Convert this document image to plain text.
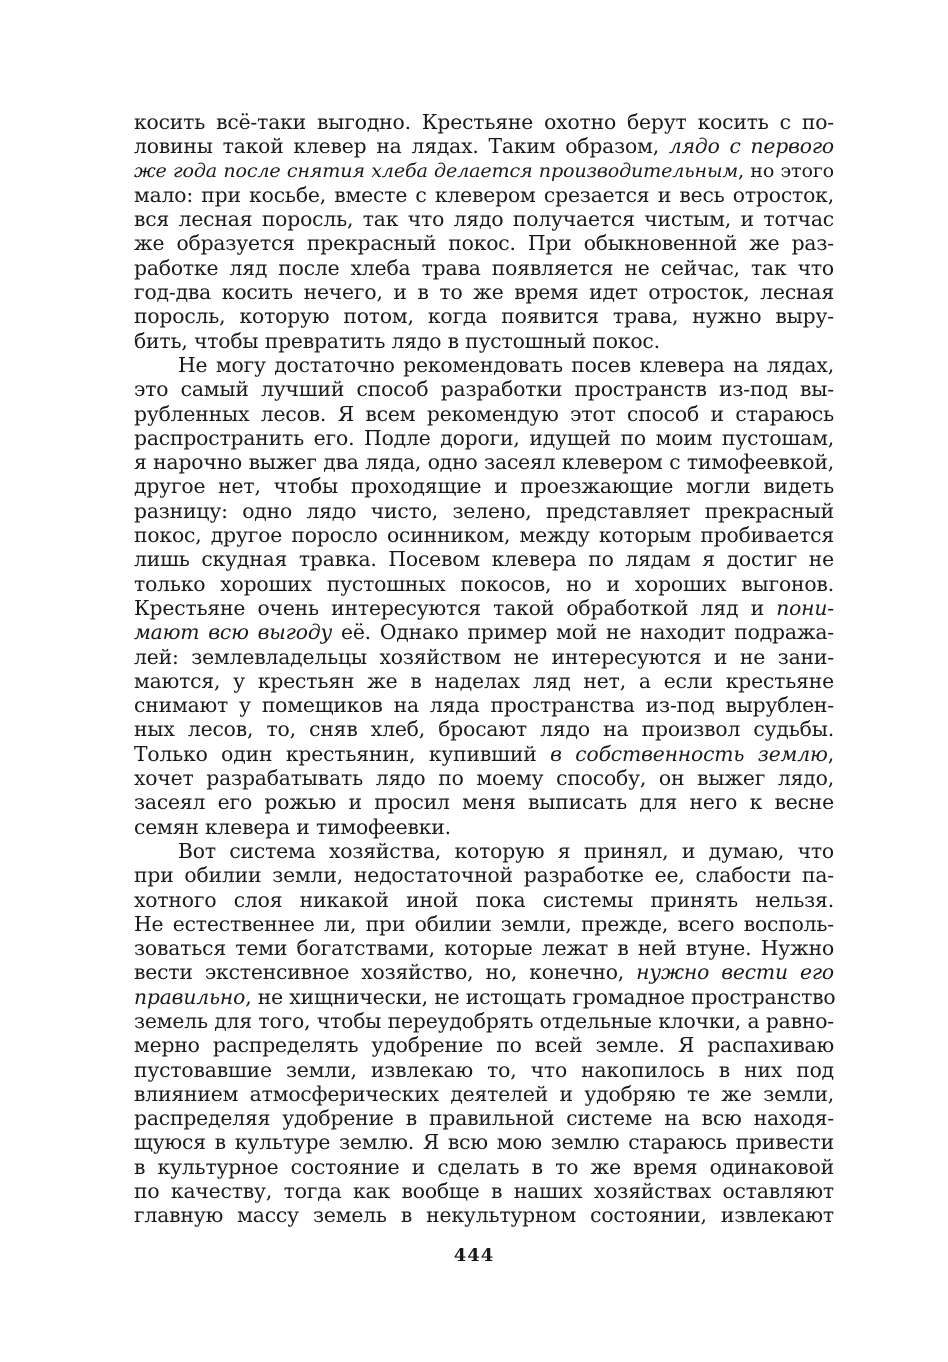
косить всё-таки выгодно. Крестьяне охотно берут косить с по-
ловины такой клевер на лядах. Таким образом, лядо с первого
же года после снятия хлеба делается производительным, но этого
мало: при косьбе, вместе с клевером срезается и весь отросток,
вся лесная поросль, так что лядо получается чистым, и тотчас
же образуется прекрасный покос. При обыкновенной же раз-
работке ляд после хлеба трава появляется не сейчас, так что
год-два косить нечего, и в то же время идет отросток, лесная
поросль, которую потом, когда появится трава, нужно выру-
бить, чтобы превратить лядо в пустошный покос.
Не могу достаточно рекомендовать посев клевера на лядах,
это самый лучший способ разработки пространств из-под вы-
рубленных лесов. Я всем рекомендую этот способ и стараюсь
распространить его. Подле дороги, идущей по моим пустошам,
я нарочно выжег два ляда, одно засеял клевером с тимофеевкой,
другое нет, чтобы проходящие и проезжающие могли видеть
разницу: одно лядо чисто, зелено, представляет прекрасный
покос, другое поросло осинником, между которым пробивается
лишь скудная травка. Посевом клевера по лядам я достиг не
только хороших пустошных покосов, но и хороших выгонов.
Крестьяне очень интересуются такой обработкой ляд и пони-
мают всю выгоду её. Однако пример мой не находит подража-
лей: землевладельцы хозяйством не интересуются и не зани-
маются, у крестьян же в наделах ляд нет, а если крестьяне
снимают у помещиков на ляда пространства из-под вырублен-
ных лесов, то, сняв хлеб, бросают лядо на произвол судьбы.
Только один крестьянин, купивший в собственность землю,
хочет разрабатывать лядо по моему способу, он выжег лядо,
засеял его рожью и просил меня выписать для него к весне
семян клевера и тимофеевки.
Вот система хозяйства, которую я принял, и думаю, что
при обилии земли, недостаточной разработке ее, слабости па-
хотного слоя никакой иной пока системы принять нельзя.
Не естественнее ли, при обилии земли, прежде, всего восполь-
зоваться теми богатствами, которые лежат в ней втуне. Нужно
вести экстенсивное хозяйство, но, конечно, нужно вести его
правильно, не хищнически, не истощать громадное пространство
земель для того, чтобы переудобрять отдельные клочки, а равно-
мерно распределять удобрение по всей земле. Я распахиваю
пустовавшие земли, извлекаю то, что накопилось в них под
влиянием атмосферических деятелей и удобряю те же земли,
распределяя удобрение в правильной системе на всю находя-
щуюся в культуре землю. Я всю мою землю стараюсь привести
в культурное состояние и сделать в то же время одинаковой
по качеству, тогда как вообще в наших хозяйствах оставляют
главную массу земель в некультурном состоянии, извлекают
444
